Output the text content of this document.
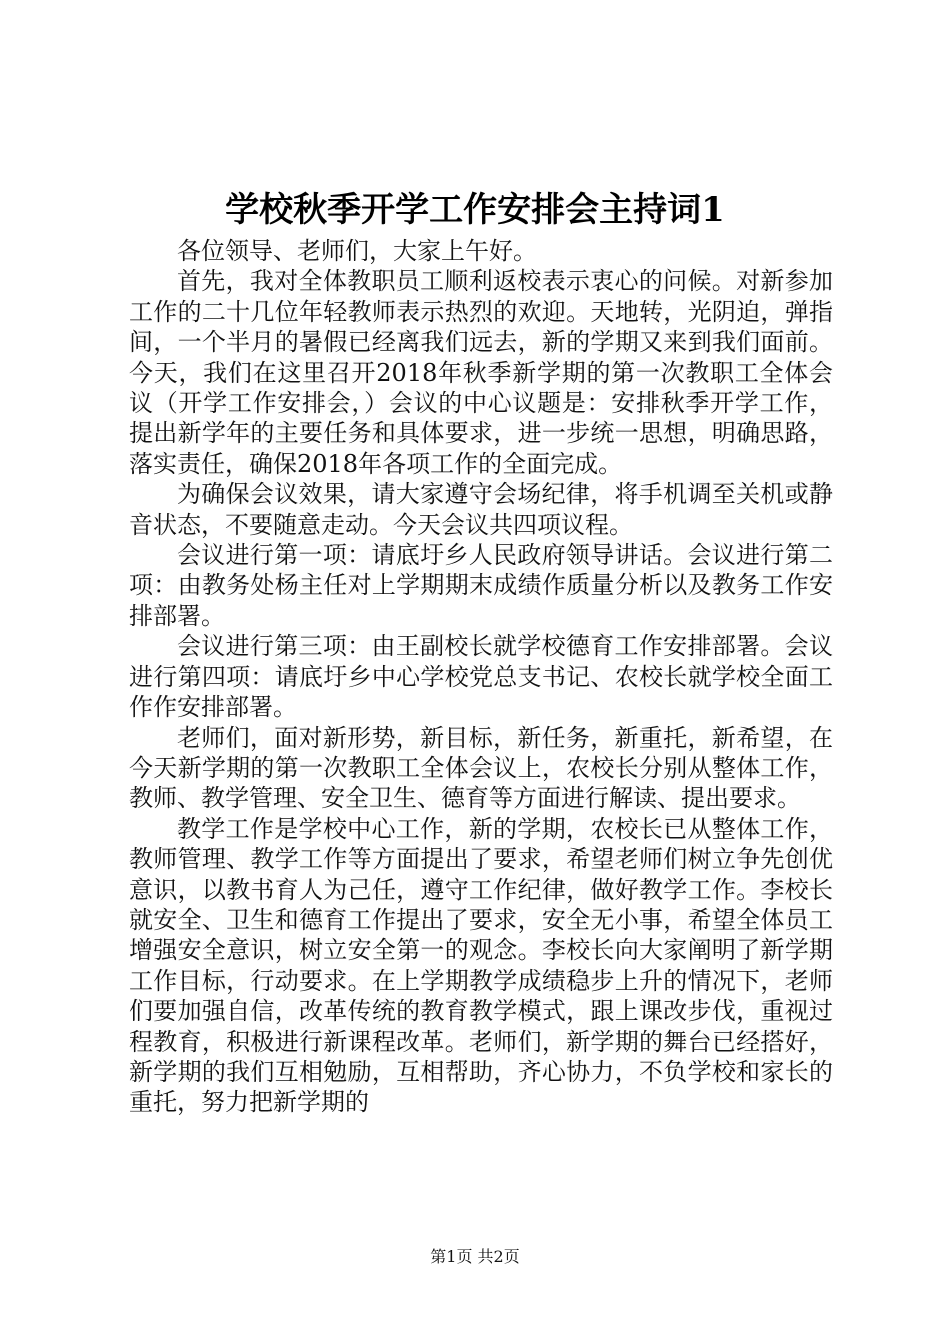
学校秋季开学工作安排会主持词1

各位领导、老师们，大家上午好。

首先，我对全体教职员工顺利返校表示衷心的问候。对新参加工作的二十几位年轻教师表示热烈的欢迎。天地转，光阴迫，弹指间，一个半月的暑假已经离我们远去，新的学期又来到我们面前。今天，我们在这里召开2018年秋季新学期的第一次教职工全体会议（开学工作安排会，）会议的中心议题是：安排秋季开学工作，提出新学年的主要任务和具体要求，进一步统一思想，明确思路，落实责任，确保2018年各项工作的全面完成。

为确保会议效果，请大家遵守会场纪律，将手机调至关机或静音状态，不要随意走动。今天会议共四项议程。

会议进行第一项：请底圩乡人民政府领导讲话。会议进行第二项：由教务处杨主任对上学期期末成绩作质量分析以及教务工作安排部署。

会议进行第三项：由王副校长就学校德育工作安排部署。会议进行第四项：请底圩乡中心学校党总支书记、农校长就学校全面工作作安排部署。

老师们，面对新形势，新目标，新任务，新重托，新希望，在今天新学期的第一次教职工全体会议上，农校长分别从整体工作，教师、教学管理、安全卫生、德育等方面进行解读、提出要求。

教学工作是学校中心工作，新的学期，农校长已从整体工作，教师管理、教学工作等方面提出了要求，希望老师们树立争先创优意识，以教书育人为己任，遵守工作纪律，做好教学工作。李校长就安全、卫生和德育工作提出了要求，安全无小事，希望全体员工增强安全意识，树立安全第一的观念。李校长向大家阐明了新学期工作目标，行动要求。在上学期教学成绩稳步上升的情况下，老师们要加强自信，改革传统的教育教学模式，跟上课改步伐，重视过程教育，积极进行新课程改革。老师们，新学期的舞台已经搭好，新学期的我们互相勉励，互相帮助，齐心协力，不负学校和家长的重托，努力把新学期的

第1页 共2页
